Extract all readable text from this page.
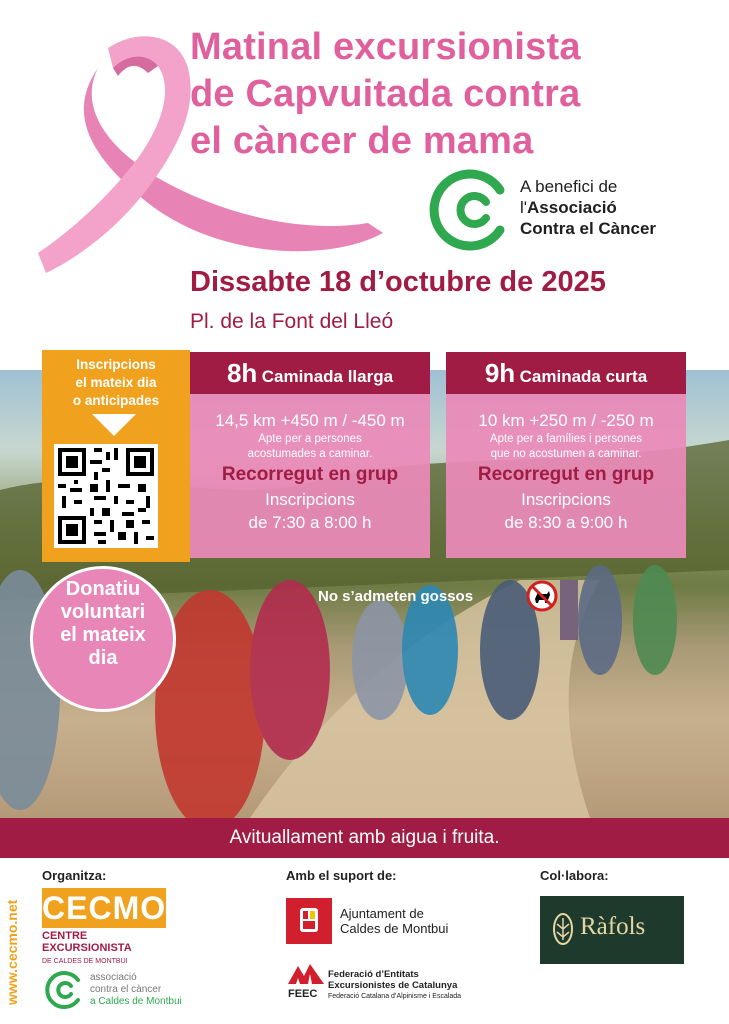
Matinal excursionista
de Capvuitada contra
el càncer de mama
A benefici de
l'Associació
Contra el Càncer
Dissabte 18 d’octubre de 2025
Pl. de la Font del Lleó
Inscripcions
el mateix dia
o anticipades
8h Caminada llarga
14,5 km +450 m / -450 m
Apte per a persones
acostumades a caminar.
Recorregut en grup
Inscripcions
de 7:30 a 8:00 h
9h Caminada curta
10 km +250 m / -250 m
Apte per a famílies i persones
que no acostumen a caminar.
Recorregut en grup
Inscripcions
de 8:30 a 9:00 h
No s’admeten gossos
Donatiu
voluntari
el mateix
dia
Avituallament amb aigua i fruita.
www.cecmo.net
Organitza:
CECMO
CENTRE
EXCURSIONISTA
DE CALDES DE MONTBUI
associació
contra el càncer
a Caldes de Montbui
Amb el suport de:
Ajuntament de
Caldes de Montbui
FEEC
Federació d’Entitats
Excursionistes de Catalunya
Federació Catalana d’Alpinisme i Escalada
Col·labora:
Ràfols
